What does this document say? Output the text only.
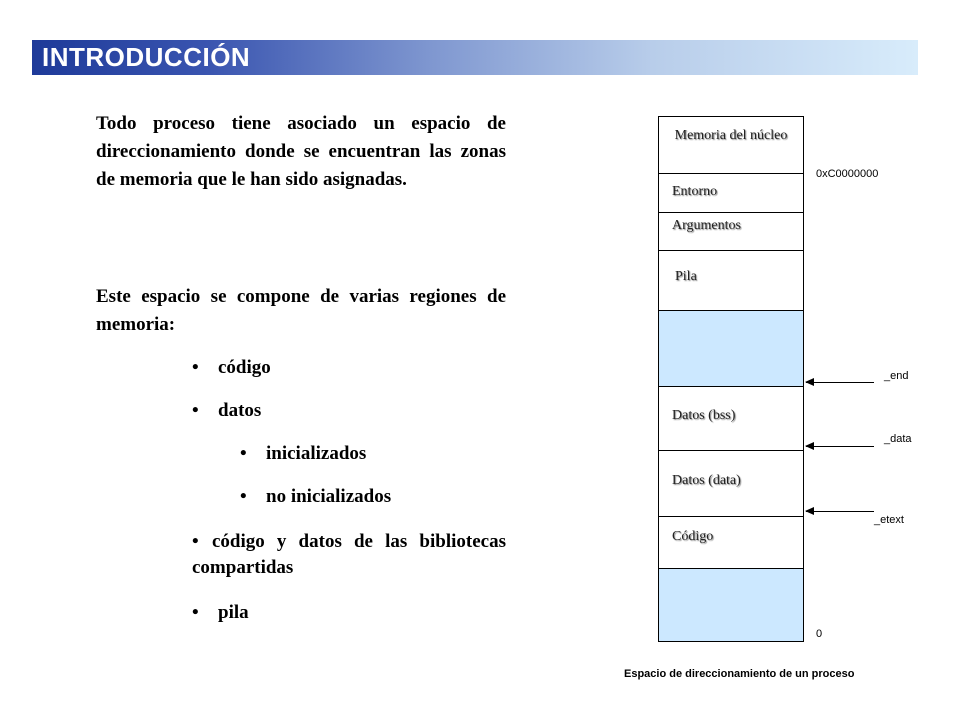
INTRODUCCIÓN
Todo proceso tiene asociado un espacio de direccionamiento donde se encuentran las zonas de memoria que le han sido asignadas.
Este espacio se compone de varias regiones de memoria:
• código
• datos
• inicializados
• no inicializados
• código y datos de las bibliotecas compartidas
• pila
Memoria del núcleo
Entorno
Argumentos
Pila
Datos (bss)
Datos (data)
Código
0xC0000000
0
_end
_data
_etext
Espacio de direccionamiento de un proceso
